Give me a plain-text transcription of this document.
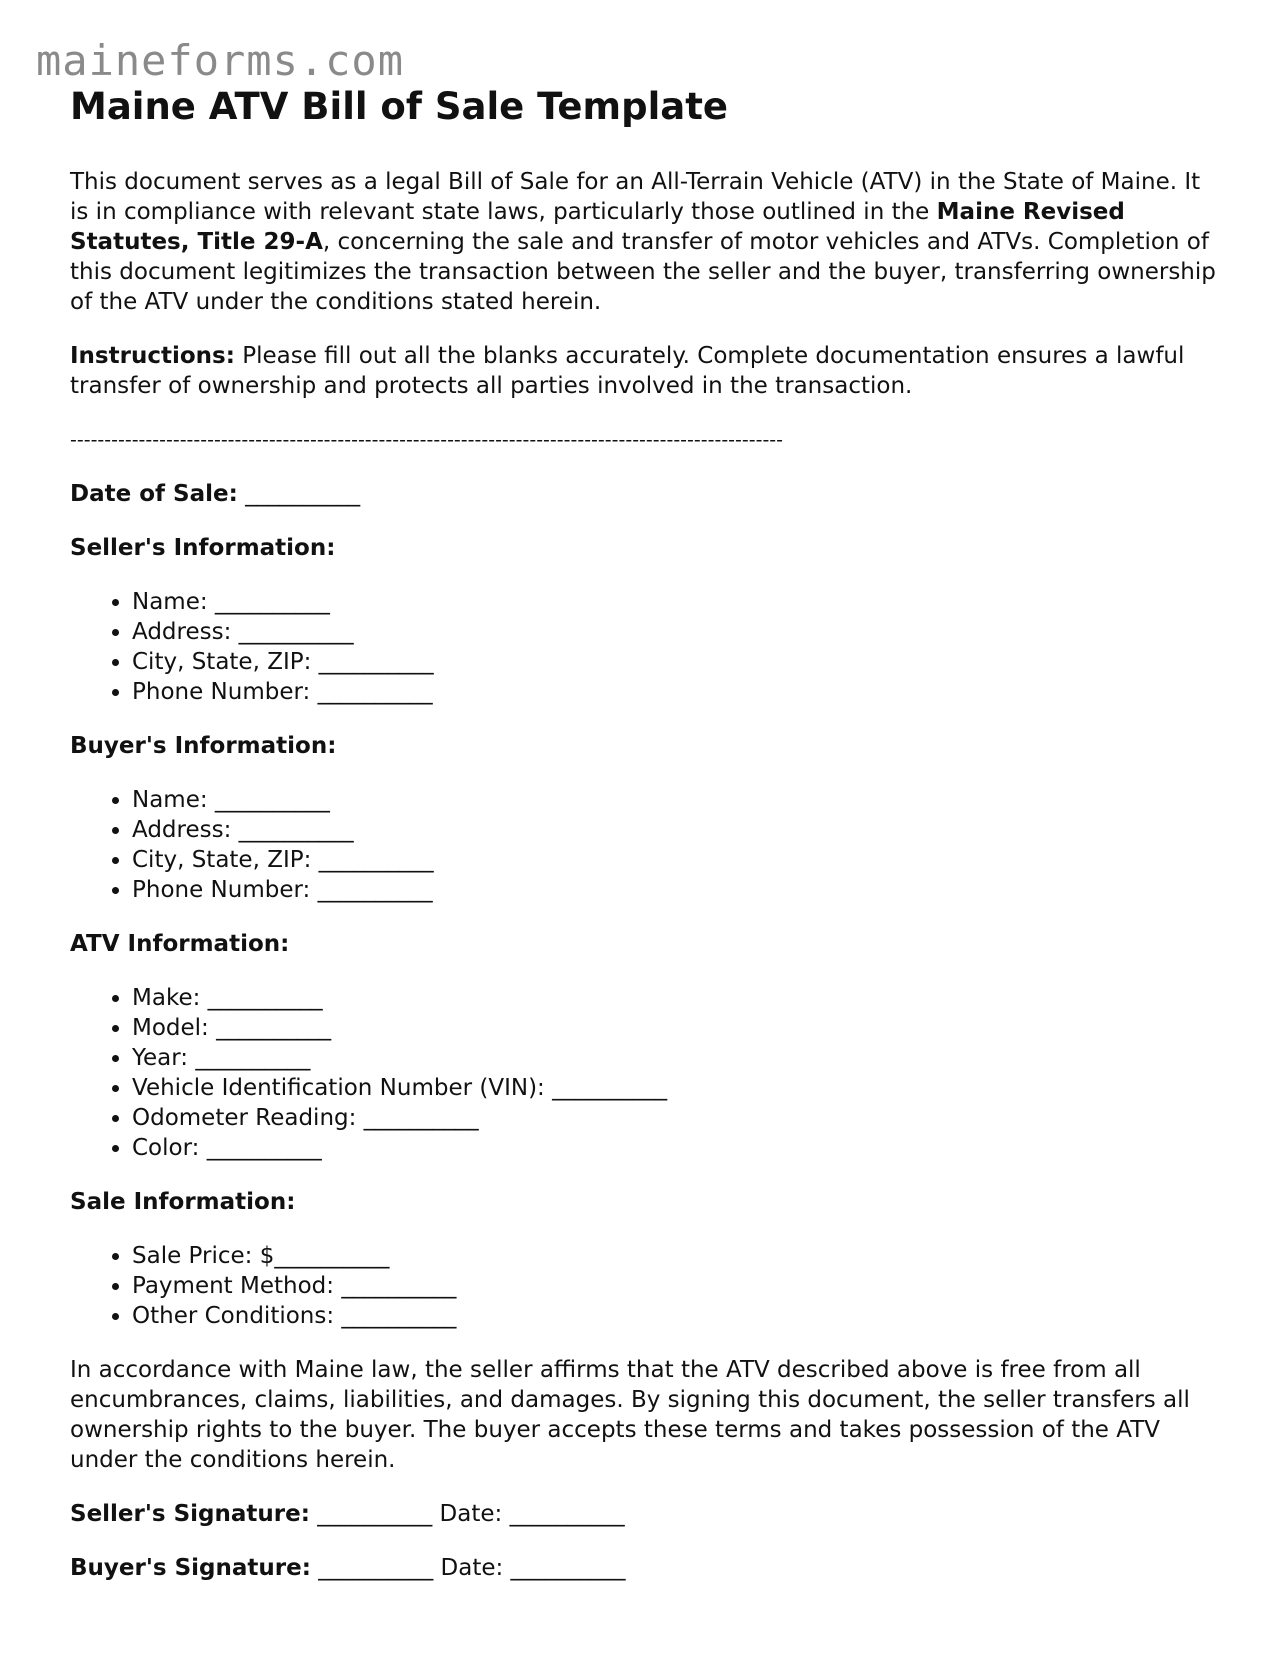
maineforms.com
Maine ATV Bill of Sale Template

This document serves as a legal Bill of Sale for an All-Terrain Vehicle (ATV) in the State of Maine. It is in compliance with relevant state laws, particularly those outlined in the Maine Revised Statutes, Title 29-A, concerning the sale and transfer of motor vehicles and ATVs. Completion of this document legitimizes the transaction between the seller and the buyer, transferring ownership of the ATV under the conditions stated herein.

Instructions: Please fill out all the blanks accurately. Complete documentation ensures a lawful transfer of ownership and protects all parties involved in the transaction.

--------------------------------------------------------------------------------------------------------
Date of Sale: __________
Seller's Information:
• Name: __________
• Address: __________
• City, State, ZIP: __________
• Phone Number: __________
Buyer's Information:
• Name: __________
• Address: __________
• City, State, ZIP: __________
• Phone Number: __________
ATV Information:
• Make: __________
• Model: __________
• Year: __________
• Vehicle Identification Number (VIN): __________
• Odometer Reading: __________
• Color: __________
Sale Information:
• Sale Price: $__________
• Payment Method: __________
• Other Conditions: __________

In accordance with Maine law, the seller affirms that the ATV described above is free from all encumbrances, claims, liabilities, and damages. By signing this document, the seller transfers all ownership rights to the buyer. The buyer accepts these terms and takes possession of the ATV under the conditions herein.

Seller's Signature: __________ Date: __________
Buyer's Signature: __________ Date: __________
